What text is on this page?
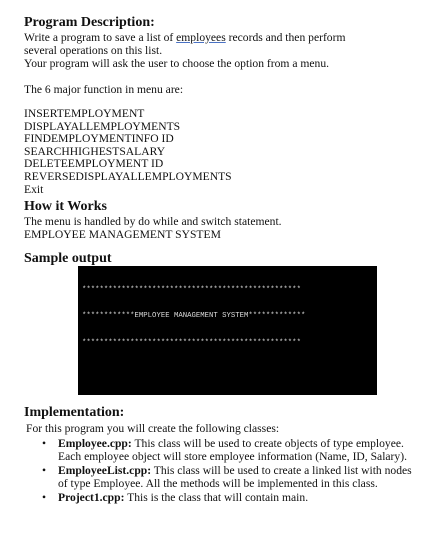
Program Description:

Write a program to save a list of employees records and then perform

several operations on this list.

Your program will ask the user to choose the option from a menu.

The 6 major function in menu are:

INSERTEMPLOYMENT
DISPLAYALLEMPLOYMENTS
FINDEMPLOYMENTINFO ID
SEARCHHIGHESTSALARY
DELETEEMPLOYMENT ID
REVERSEDISPLAYALLEMPLOYMENTS
Exit

How it Works

The menu is handled by do while and switch statement.

EMPLOYEE MANAGEMENT SYSTEM

Sample output

**************************************************

************EMPLOYEE MANAGEMENT SYSTEM*************

**************************************************

Implementation:

For this program you will create the following classes:

• Employee.cpp: This class will be used to create objects of type employee. Each employee object will store employee information (Name, ID, Salary).
• EmployeeList.cpp: This class will be used to create a linked list with nodes of type Employee. All the methods will be implemented in this class.
• Project1.cpp: This is the class that will contain main.
